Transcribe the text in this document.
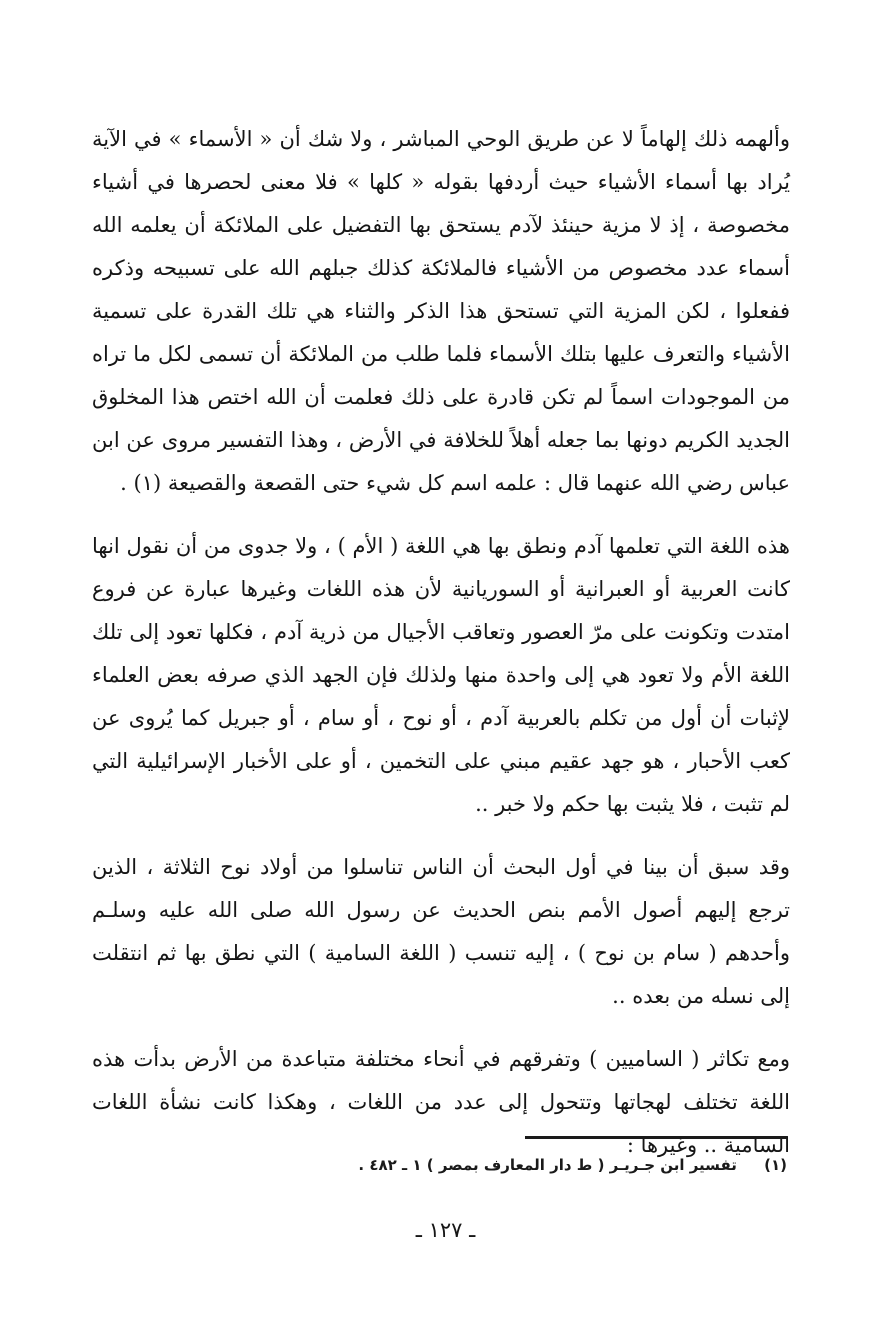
وألهمه ذلك إلهاماً لا عن طريق الوحي المباشر ، ولا شك أن « الأسماء » في الآية يُراد بها أسماء الأشياء حيث أردفها بقوله « كلها » فلا معنى لحصرها في أشياء مخصوصة ، إذ لا مزية حينئذ لآدم يستحق بها التفضيل على الملائكة أن يعلمه الله أسماء عدد مخصوص من الأشياء فالملائكة كذلك جبلهم الله على تسبيحه وذكره ففعلوا ، لكن المزية التي تستحق هذا الذكر والثناء هي تلك القدرة على تسمية الأشياء والتعرف عليها بتلك الأسماء فلما طلب من الملائكة أن تسمى لكل ما تراه من الموجودات اسماً لم تكن قادرة على ذلك فعلمت أن الله اختص هذا المخلوق الجديد الكريم دونها بما جعله أهلاً للخلافة في الأرض ، وهذا التفسير مروى عن ابن عباس رضي الله عنهما قال : علمه اسم كل شيء حتى القصعة والقصيعة (١) .

هذه اللغة التي تعلمها آدم ونطق بها هي اللغة ( الأم ) ، ولا جدوى من أن نقول انها كانت العربية أو العبرانية أو السوريانية لأن هذه اللغات وغيرها عبارة عن فروع امتدت وتكونت على مرّ العصور وتعاقب الأجيال من ذرية آدم ، فكلها تعود إلى تلك اللغة الأم ولا تعود هي إلى واحدة منها ولذلك فإن الجهد الذي صرفه بعض العلماء لإثبات أن أول من تكلم بالعربية آدم ، أو نوح ، أو سام ، أو جبريل كما يُروى عن كعب الأحبار ، هو جهد عقيم مبني على التخمين ، أو على الأخبار الإسرائيلية التي لم تثبت ، فلا يثبت بها حكم ولا خبر ..

وقد سبق أن بينا في أول البحث أن الناس تناسلوا من أولاد نوح الثلاثة ، الذين ترجع إليهم أصول الأمم بنص الحديث عن رسول الله صلى الله عليه وسلـم وأحدهم ( سام بن نوح ) ، إليه تنسب ( اللغة السامية ) التي نطق بها ثم انتقلت إلى نسله من بعده ..

ومع تكاثر ( الساميين ) وتفرقهم في أنحاء مختلفة متباعدة من الأرض بدأت هذه اللغة تختلف لهجاتها وتتحول إلى عدد من اللغات ، وهكذا كانت نشأة اللغات السامية .. وغيرها :

(١) تفسير ابن جـريـر ( ط دار المعارف بمصر ) ١ ـ ٤٨٢ .
ـ ١٢٧ ـ
